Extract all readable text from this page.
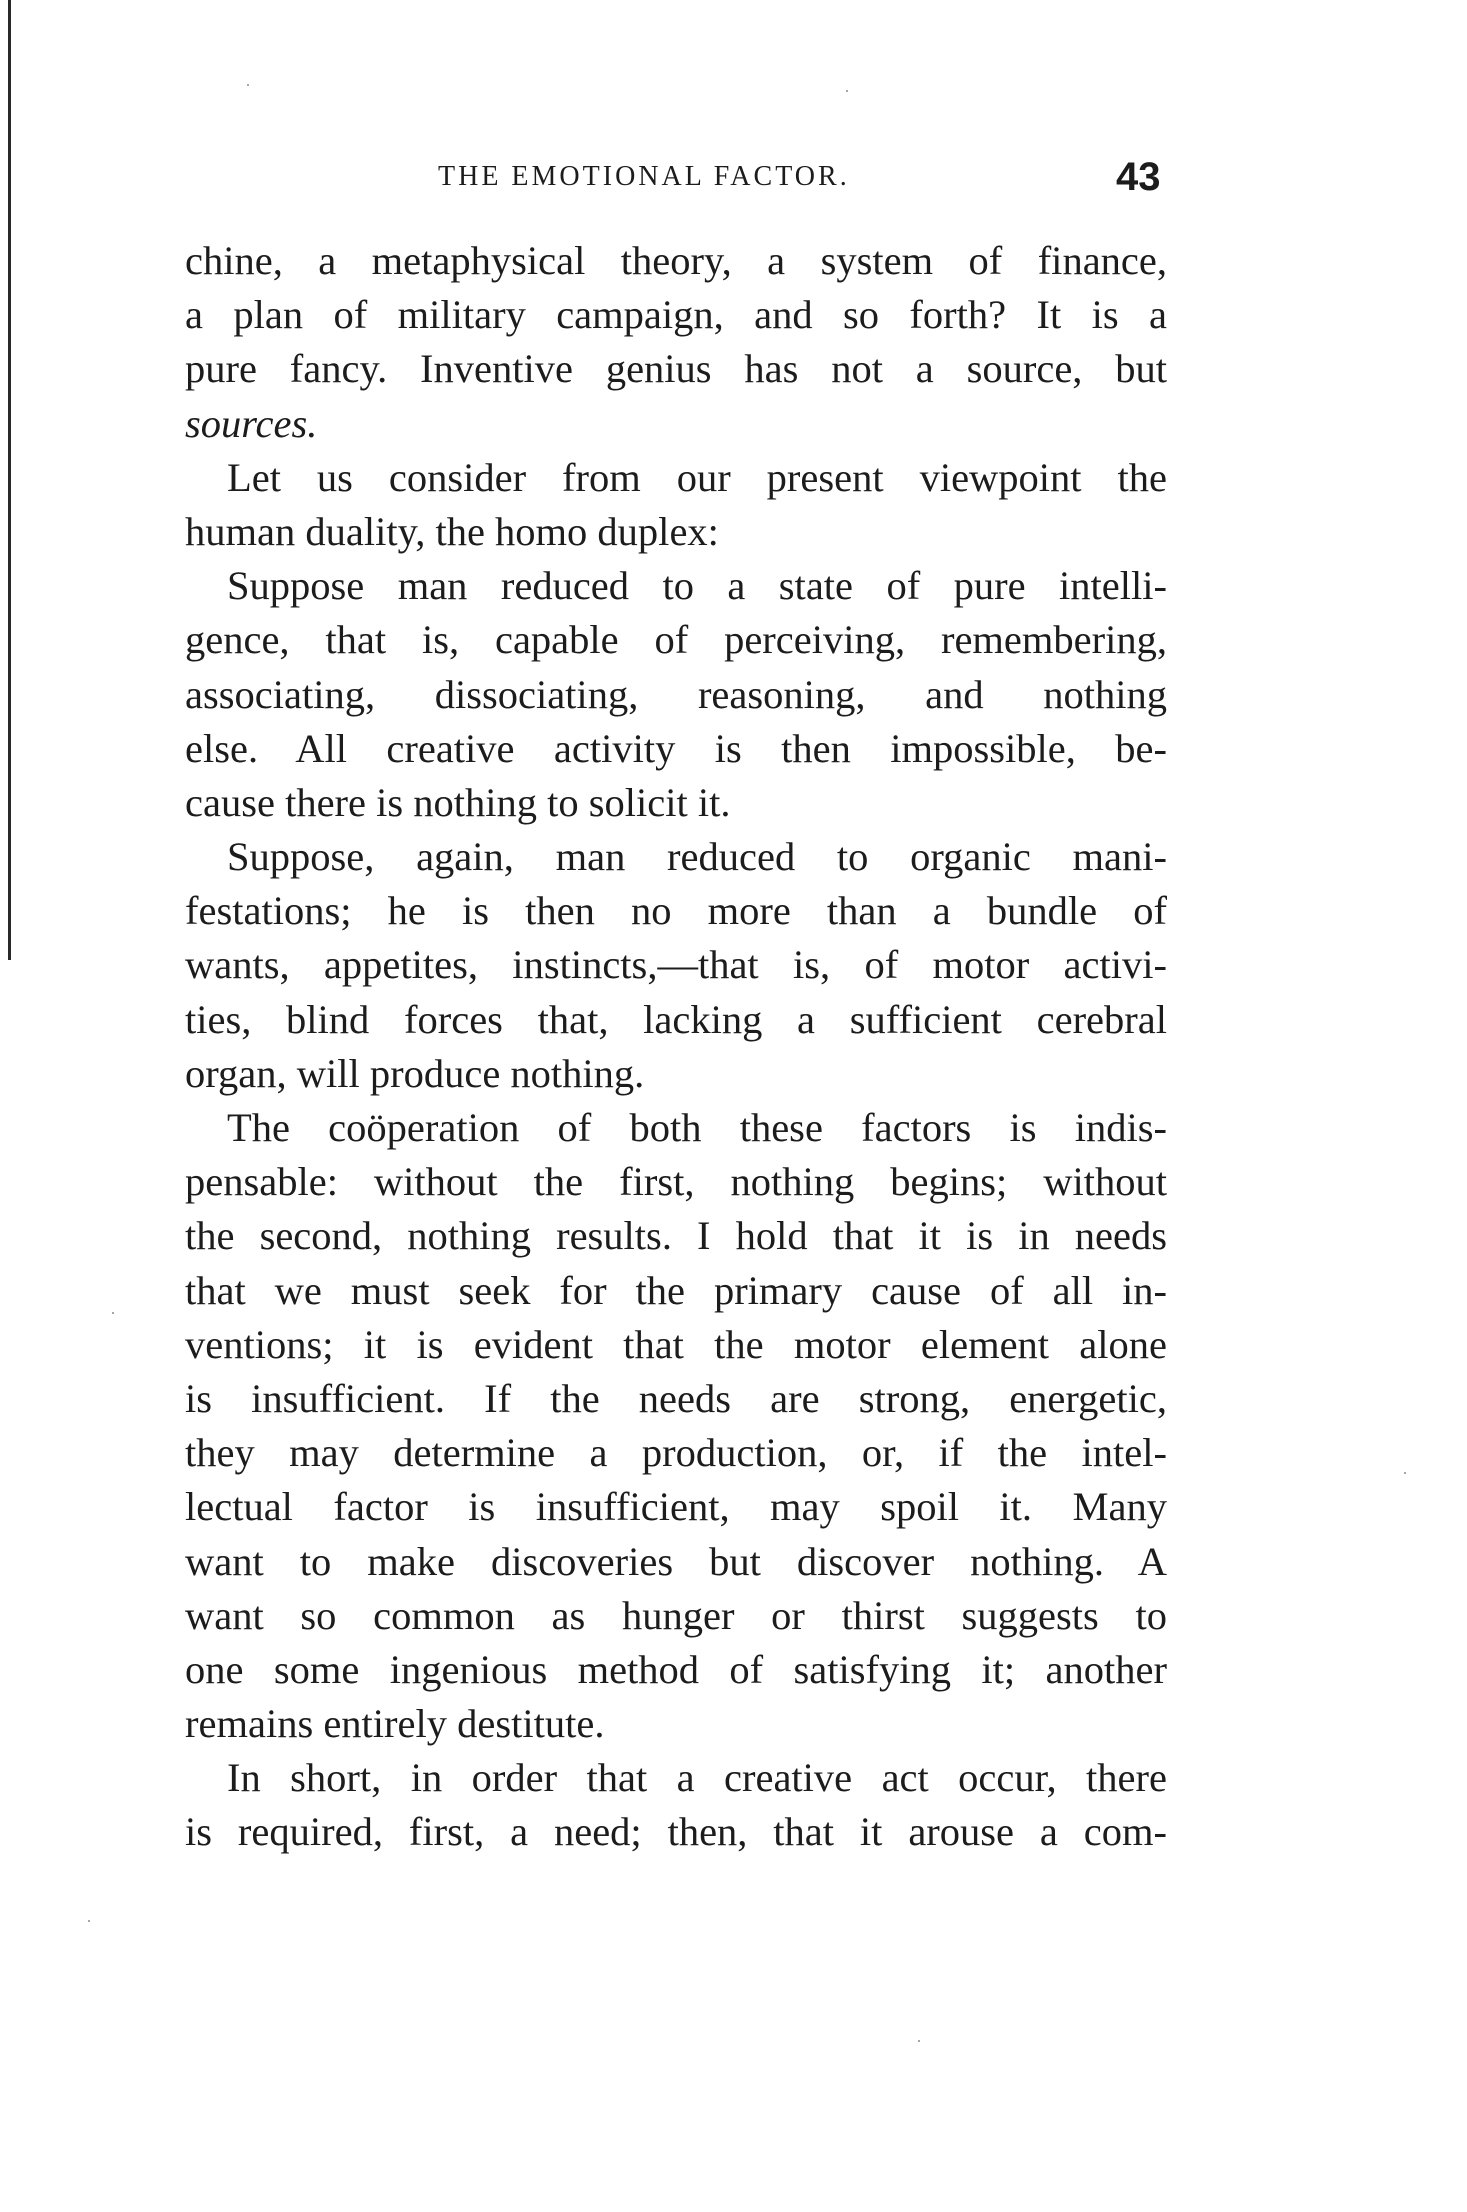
THE EMOTIONAL FACTOR.	43
chine, a metaphysical theory, a system of finance,
a plan of military campaign, and so forth? It is a
pure fancy. Inventive genius has not a source, but
sources.
Let us consider from our present viewpoint the
human duality, the homo duplex:
Suppose man reduced to a state of pure intelli-
gence, that is, capable of perceiving, remembering,
associating, dissociating, reasoning, and nothing
else. All creative activity is then impossible, be-
cause there is nothing to solicit it.
Suppose, again, man reduced to organic mani-
festations; he is then no more than a bundle of
wants, appetites, instincts,—that is, of motor activi-
ties, blind forces that, lacking a sufficient cerebral
organ, will produce nothing.
The coöperation of both these factors is indis-
pensable: without the first, nothing begins; without
the second, nothing results. I hold that it is in needs
that we must seek for the primary cause of all in-
ventions; it is evident that the motor element alone
is insufficient. If the needs are strong, energetic,
they may determine a production, or, if the intel-
lectual factor is insufficient, may spoil it. Many
want to make discoveries but discover nothing. A
want so common as hunger or thirst suggests to
one some ingenious method of satisfying it; another
remains entirely destitute.
In short, in order that a creative act occur, there
is required, first, a need; then, that it arouse a com-
